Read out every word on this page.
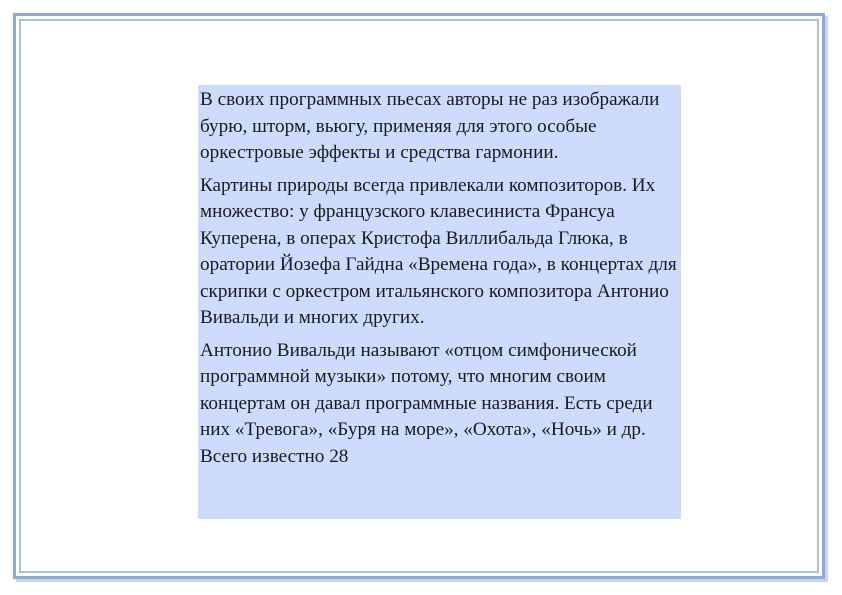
В своих программных пьесах авторы не раз изображали бурю, шторм, вьюгу, применяя для этого особые оркестровые эффекты и средства гармонии.

Картины природы всегда привлекали композиторов. Их множество: у французского клавесиниста Франсуа Куперена, в операх Кристофа Виллибальда Глюка, в оратории Йозефа Гайдна «Времена года», в концертах для скрипки с оркестром итальянского композитора Антонио Вивальди и многих других.

Антонио Вивальди называют «отцом симфонической программной музыки» потому, что многим своим концертам он давал программные названия. Есть среди них «Тревога», «Буря на море», «Охота», «Ночь» и др. Всего известно 28
